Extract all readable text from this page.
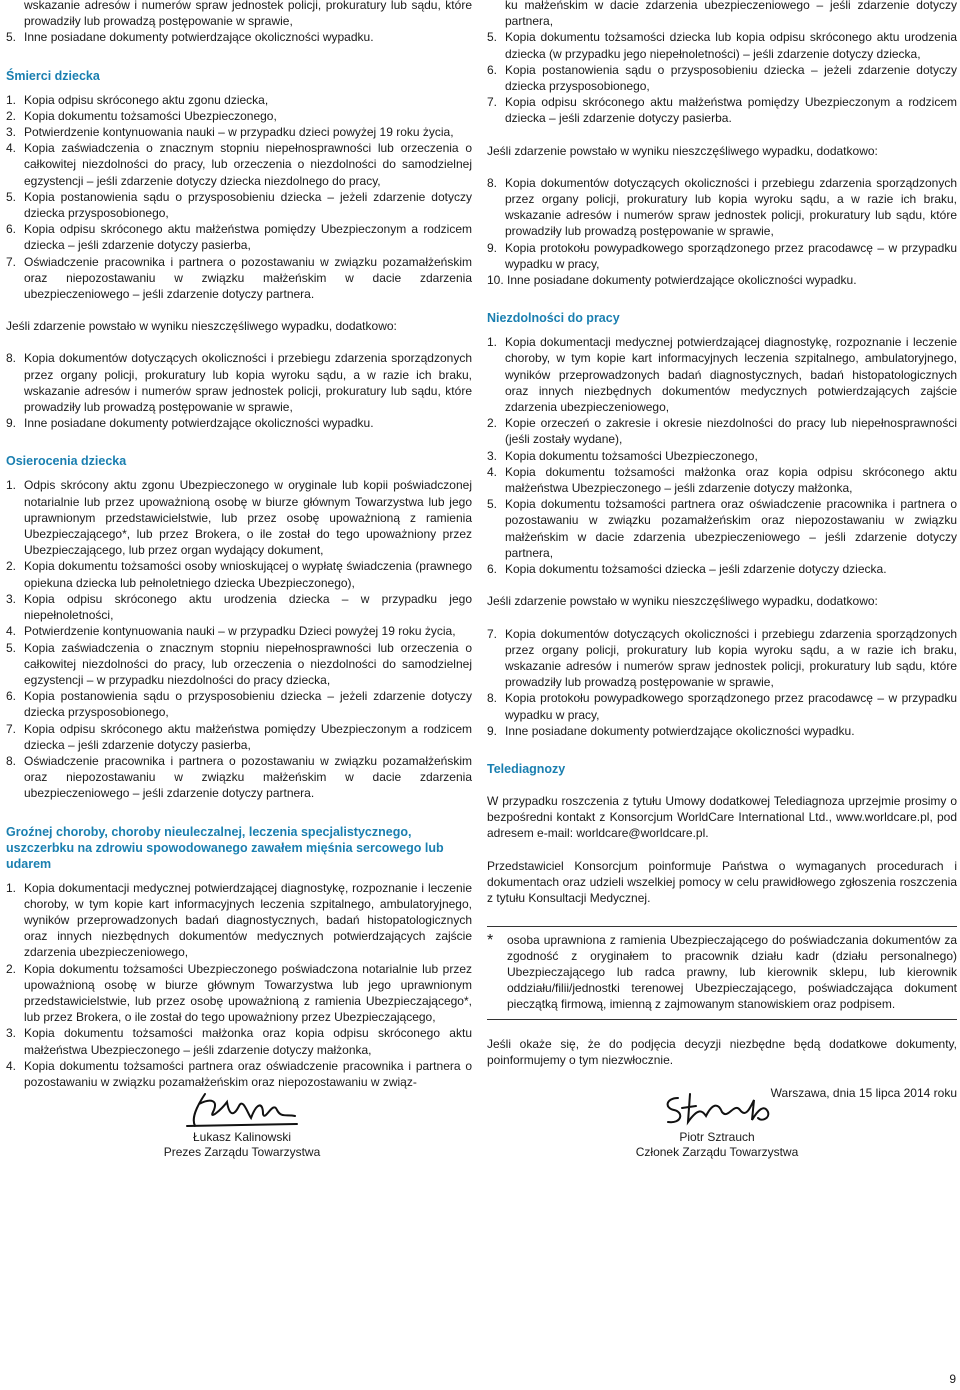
wskazanie adresów i numerów spraw jednostek policji, prokuratury lub sądu, które prowadziły lub prowadzą postępowanie w sprawie,
5. Inne posiadane dokumenty potwierdzające okoliczności wypadku.
Śmierci dziecka
1. Kopia odpisu skróconego aktu zgonu dziecka,
2. Kopia dokumentu tożsamości Ubezpieczonego,
3. Potwierdzenie kontynuowania nauki – w przypadku dzieci powyżej 19 roku życia,
4. Kopia zaświadczenia o znacznym stopniu niepełnosprawności lub orzeczenia o całkowitej niezdolności do pracy, lub orzeczenia o niezdolności do samodzielnej egzystencji – jeśli zdarzenie dotyczy dziecka niezdolnego do pracy,
5. Kopia postanowienia sądu o przysposobieniu dziecka – jeżeli zdarzenie dotyczy dziecka przysposobionego,
6. Kopia odpisu skróconego aktu małżeństwa pomiędzy Ubezpieczonym a rodzicem dziecka – jeśli zdarzenie dotyczy pasierba,
7. Oświadczenie pracownika i partnera o pozostawaniu w związku pozamałżeńskim oraz niepozostawaniu w związku małżeńskim w dacie zdarzenia ubezpieczeniowego – jeśli zdarzenie dotyczy partnera.

Jeśli zdarzenie powstało w wyniku nieszczęśliwego wypadku, dodatkowo:

8. Kopia dokumentów dotyczących okoliczności i przebiegu zdarzenia sporządzonych przez organy policji, prokuratury lub kopia wyroku sądu, a w razie ich braku, wskazanie adresów i numerów spraw jednostek policji, prokuratury lub sądu, które prowadziły lub prowadzą postępowanie w sprawie,
9. Inne posiadane dokumenty potwierdzające okoliczności wypadku.
Osierocenia dziecka
1. Odpis skrócony aktu zgonu Ubezpieczonego w oryginale lub kopii poświadczonej notarialnie lub przez upoważnioną osobę w biurze głównym Towarzystwa lub jego uprawnionym przedstawicielstwie, lub przez osobę upoważnioną z ramienia Ubezpieczającego*, lub przez Brokera, o ile został do tego upoważniony przez Ubezpieczającego, lub przez organ wydający dokument,
2. Kopia dokumentu tożsamości osoby wnioskującej o wypłatę świadczenia (prawnego opiekuna dziecka lub pełnoletniego dziecka Ubezpieczonego),
3. Kopia odpisu skróconego aktu urodzenia dziecka – w przypadku jego niepełnoletności,
4. Potwierdzenie kontynuowania nauki – w przypadku Dzieci powyżej 19 roku życia,
5. Kopia zaświadczenia o znacznym stopniu niepełnosprawności lub orzeczenia o całkowitej niezdolności do pracy, lub orzeczenia o niezdolności do samodzielnej egzystencji – w przypadku niezdolności do pracy dziecka,
6. Kopia postanowienia sądu o przysposobieniu dziecka – jeżeli zdarzenie dotyczy dziecka przysposobionego,
7. Kopia odpisu skróconego aktu małżeństwa pomiędzy Ubezpieczonym a rodzicem dziecka – jeśli zdarzenie dotyczy pasierba,
8. Oświadczenie pracownika i partnera o pozostawaniu w związku pozamałżeńskim oraz niepozostawaniu w związku małżeńskim w dacie zdarzenia ubezpieczeniowego – jeśli zdarzenie dotyczy partnera.
Groźnej choroby, choroby nieuleczalnej, leczenia specjalistycznego, uszczerbku na zdrowiu spowodowanego zawałem mięśnia sercowego lub udarem
1. Kopia dokumentacji medycznej potwierdzającej diagnostykę, rozpoznanie i leczenie choroby, w tym kopie kart informacyjnych leczenia szpitalnego, ambulatoryjnego, wyników przeprowadzonych badań diagnostycznych, badań histopatologicznych oraz innych niezbędnych dokumentów medycznych potwierdzających zajście zdarzenia ubezpieczeniowego,
2. Kopia dokumentu tożsamości Ubezpieczonego poświadczona notarialnie lub przez upoważnioną osobę w biurze głównym Towarzystwa lub jego uprawnionym przedstawicielstwie, lub przez osobę upoważnioną z ramienia Ubezpieczającego*, lub przez Brokera, o ile został do tego upoważniony przez Ubezpieczającego,
3. Kopia dokumentu tożsamości małżonka oraz kopia odpisu skróconego aktu małżeństwa Ubezpieczonego – jeśli zdarzenie dotyczy małżonka,
4. Kopia dokumentu tożsamości partnera oraz oświadczenie pracownika i partnera o pozostawaniu w związku pozamałżeńskim oraz niepozostawaniu w związ-
ku małżeńskim w dacie zdarzenia ubezpieczeniowego – jeśli zdarzenie dotyczy partnera,
5. Kopia dokumentu tożsamości dziecka lub kopia odpisu skróconego aktu urodzenia dziecka (w przypadku jego niepełnoletności) – jeśli zdarzenie dotyczy dziecka,
6. Kopia postanowienia sądu o przysposobieniu dziecka – jeżeli zdarzenie dotyczy dziecka przysposobionego,
7. Kopia odpisu skróconego aktu małżeństwa pomiędzy Ubezpieczonym a rodzicem dziecka – jeśli zdarzenie dotyczy pasierba.

Jeśli zdarzenie powstało w wyniku nieszczęśliwego wypadku, dodatkowo:

8. Kopia dokumentów dotyczących okoliczności i przebiegu zdarzenia sporządzonych przez organy policji, prokuratury lub kopia wyroku sądu, a w razie ich braku, wskazanie adresów i numerów spraw jednostek policji, prokuratury lub sądu, które prowadziły lub prowadzą postępowanie w sprawie,
9. Kopia protokołu powypadkowego sporządzonego przez pracodawcę – w przypadku wypadku w pracy,
10. Inne posiadane dokumenty potwierdzające okoliczności wypadku.
Niezdolności do pracy
1. Kopia dokumentacji medycznej potwierdzającej diagnostykę, rozpoznanie i leczenie choroby, w tym kopie kart informacyjnych leczenia szpitalnego, ambulatoryjnego, wyników przeprowadzonych badań diagnostycznych, badań histopatologicznych oraz innych niezbędnych dokumentów medycznych potwierdzających zajście zdarzenia ubezpieczeniowego,
2. Kopie orzeczeń o zakresie i okresie niezdolności do pracy lub niepełnosprawności (jeśli zostały wydane),
3. Kopia dokumentu tożsamości Ubezpieczonego,
4. Kopia dokumentu tożsamości małżonka oraz kopia odpisu skróconego aktu małżeństwa Ubezpieczonego – jeśli zdarzenie dotyczy małżonka,
5. Kopia dokumentu tożsamości partnera oraz oświadczenie pracownika i partnera o pozostawaniu w związku pozamałżeńskim oraz niepozostawaniu w związku małżeńskim w dacie zdarzenia ubezpieczeniowego – jeśli zdarzenie dotyczy partnera,
6. Kopia dokumentu tożsamości dziecka – jeśli zdarzenie dotyczy dziecka.

Jeśli zdarzenie powstało w wyniku nieszczęśliwego wypadku, dodatkowo:

7. Kopia dokumentów dotyczących okoliczności i przebiegu zdarzenia sporządzonych przez organy policji, prokuratury lub kopia wyroku sądu, a w razie ich braku, wskazanie adresów i numerów spraw jednostek policji, prokuratury lub sądu, które prowadziły lub prowadzą postępowanie w sprawie,
8. Kopia protokołu powypadkowego sporządzonego przez pracodawcę – w przypadku wypadku w pracy,
9. Inne posiadane dokumenty potwierdzające okoliczności wypadku.
Telediagnozy

W przypadku roszczenia z tytułu Umowy dodatkowej Telediagnoza uprzejmie prosimy o bezpośredni kontakt z Konsorcjum WorldCare International Ltd., www.worldcare.pl, pod adresem e-mail: worldcare@worldcare.pl.

Przedstawiciel Konsorcjum poinformuje Państwa o wymaganych procedurach i dokumentach oraz udzieli wszelkiej pomocy w celu prawidłowego zgłoszenia roszczenia z tytułu Konsultacji Medycznej.

*	osoba uprawniona z ramienia Ubezpieczającego do poświadczania dokumentów za zgodność z oryginałem to pracownik działu kadr (działu personalnego) Ubezpieczającego lub radca prawny, lub kierownik sklepu, lub kierownik oddziału/filii/jednostki terenowej Ubezpieczającego, poświadczająca dokument pieczątką firmową, imienną z zajmowanym stanowiskiem oraz podpisem.

Jeśli okaże się, że do podjęcia decyzji niezbędne będą dodatkowe dokumenty, poinformujemy o tym niezwłocznie.

Warszawa, dnia 15 lipca 2014 roku

Łukasz Kalinowski
Prezes Zarządu Towarzystwa
Piotr Sztrauch
Członek Zarządu Towarzystwa
9
